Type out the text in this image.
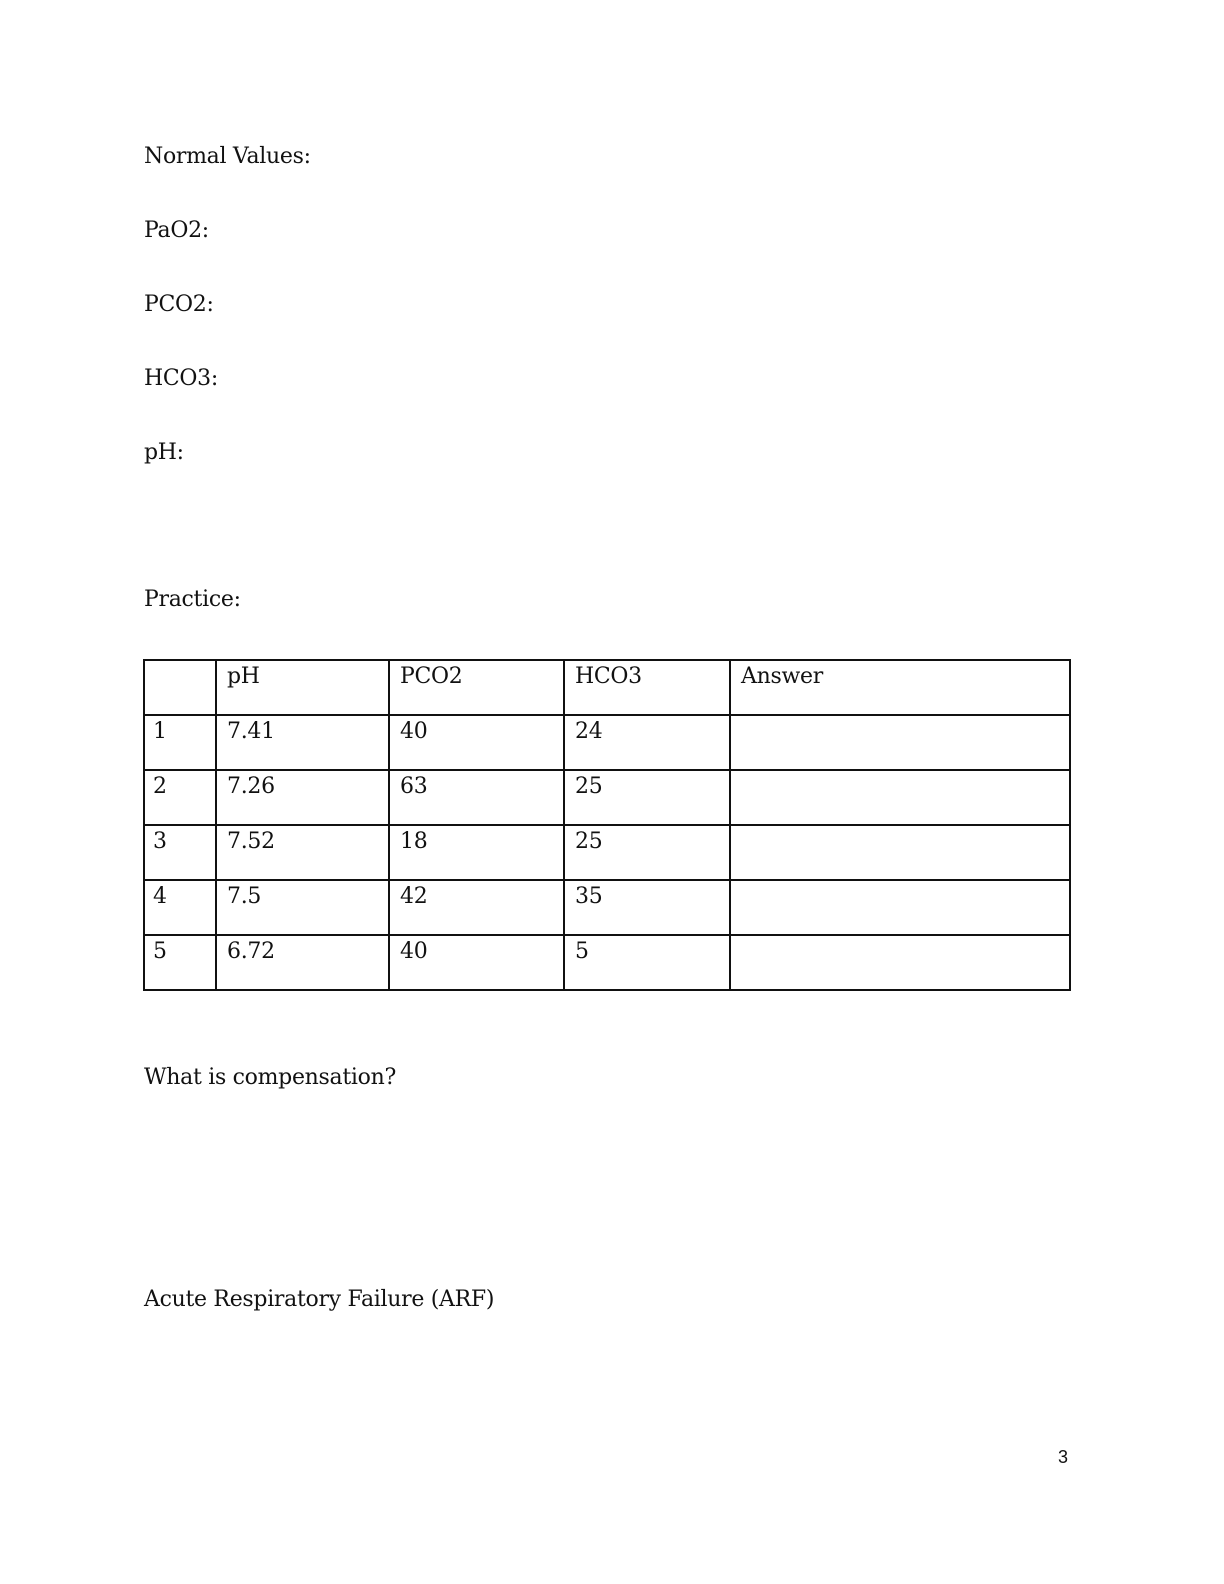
Normal Values:
PaO2:
PCO2:
HCO3:
pH:
Practice:
	pH	PCO2	HCO3	Answer
1	7.41	40	24	
2	7.26	63	25	
3	7.52	18	25	
4	7.5	42	35	
5	6.72	40	5	
What is compensation?
Acute Respiratory Failure (ARF)
3
